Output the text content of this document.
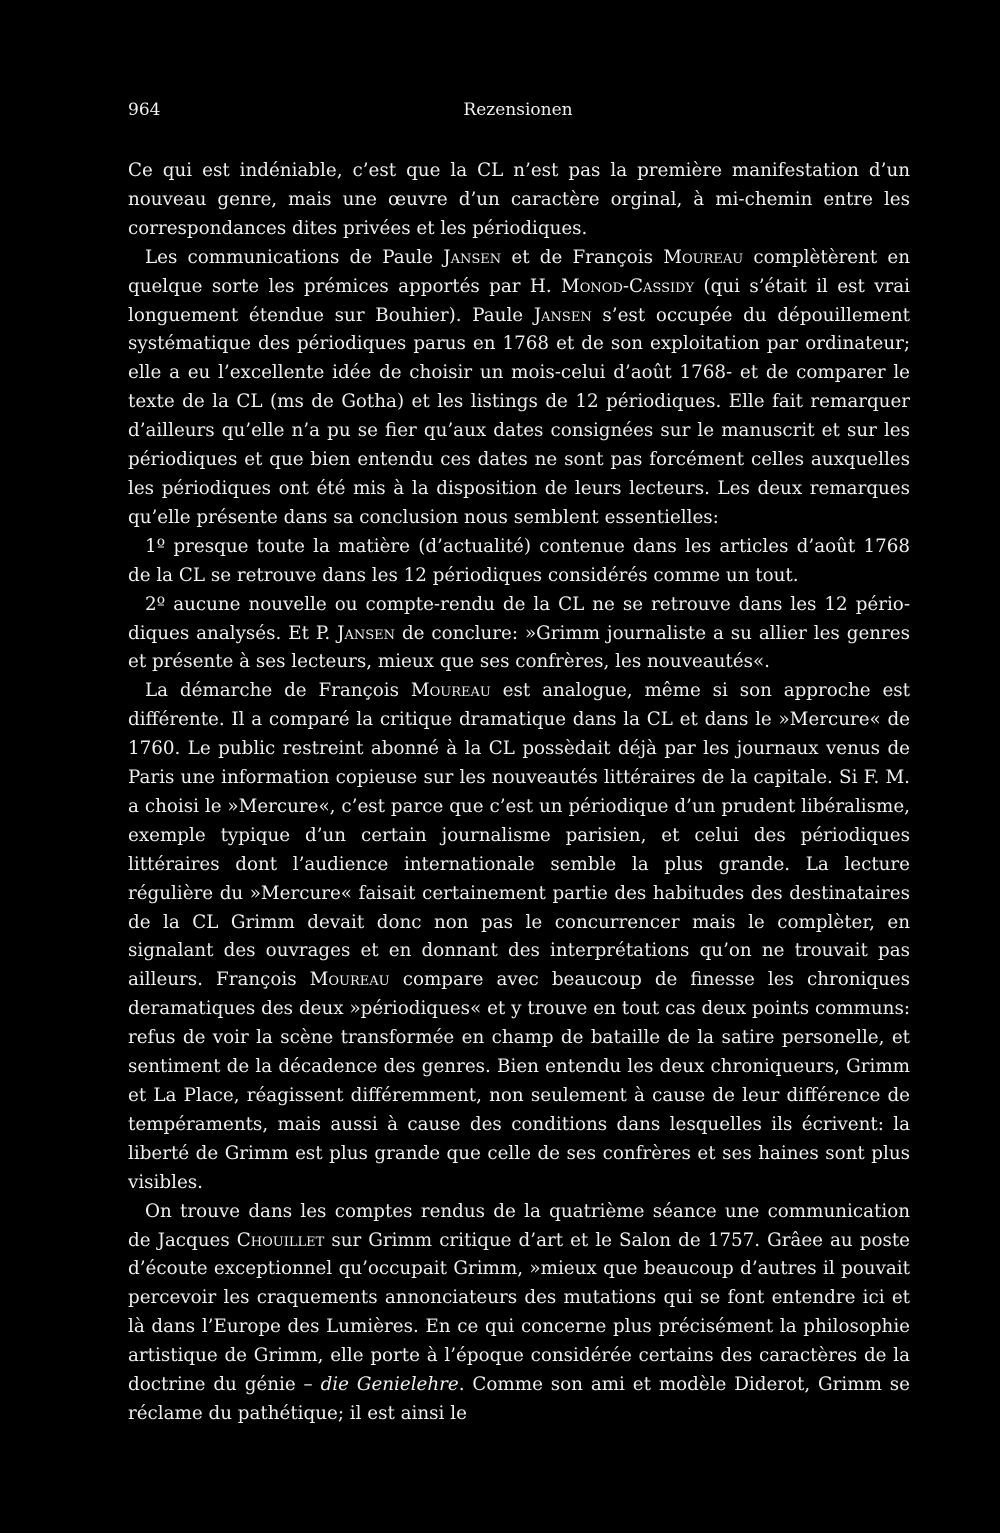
964	Rezensionen

Ce qui est indéniable, c’est que la CL n’est pas la première manifestation d’un nouveau genre, mais une œuvre d’un caractère orginal, à mi-chemin entre les correspondances dites privées et les périodiques.

Les communications de Paule Jansen et de François Moureau complètèrent en quelque sorte les prémices apportés par H. Monod-Cassidy (qui s’était il est vrai longuement étendue sur Bouhier). Paule Jansen s’est occupée du dépouillement systématique des périodiques parus en 1768 et de son exploitation par ordinateur; elle a eu l’excellente idée de choisir un mois-celui d’août 1768- et de comparer le texte de la CL (ms de Gotha) et les listings de 12 périodiques. Elle fait remarquer d’ailleurs qu’elle n’a pu se fier qu’aux dates consignées sur le manuscrit et sur les périodiques et que bien entendu ces dates ne sont pas forcément celles auxquelles les périodiques ont été mis à la disposition de leurs lecteurs. Les deux remarques qu’elle présente dans sa conclusion nous semblent essentielles:

1º presque toute la matière (d’actualité) contenue dans les articles d’août 1768 de la CL se retrouve dans les 12 périodiques considérés comme un tout.

2º aucune nouvelle ou compte-rendu de la CL ne se retrouve dans les 12 périodiques analysés. Et P. Jansen de conclure: »Grimm journaliste a su allier les genres et présente à ses lecteurs, mieux que ses confrères, les nouveautés«.

La démarche de François Moureau est analogue, même si son approche est différente. Il a comparé la critique dramatique dans la CL et dans le »Mercure« de 1760. Le public restreint abonné à la CL possèdait déjà par les journaux venus de Paris une information copieuse sur les nouveautés littéraires de la capitale. Si F. M. a choisi le »Mercure«, c’est parce que c’est un périodique d’un prudent libéralisme, exemple typique d’un certain journalisme parisien, et celui des périodiques littéraires dont l’audience internationale semble la plus grande. La lecture régulière du »Mercure« faisait certainement partie des habitudes des destinataires de la CL Grimm devait donc non pas le concurrencer mais le complèter, en signalant des ouvrages et en donnant des interprétations qu’on ne trouvait pas ailleurs. François Moureau compare avec beaucoup de finesse les chroniques deramatiques des deux »périodiques« et y trouve en tout cas deux points communs: refus de voir la scène transformée en champ de bataille de la satire personelle, et sentiment de la décadence des genres. Bien entendu les deux chroniqueurs, Grimm et La Place, réagissent différemment, non seulement à cause de leur différence de tempéraments, mais aussi à cause des conditions dans lesquelles ils écrivent: la liberté de Grimm est plus grande que celle de ses confrères et ses haines sont plus visibles.

On trouve dans les comptes rendus de la quatrième séance une communication de Jacques Chouillet sur Grimm critique d’art et le Salon de 1757. Grâee au poste d’écoute exceptionnel qu’occupait Grimm, »mieux que beaucoup d’autres il pouvait percevoir les craquements annonciateurs des mutations qui se font entendre ici et là dans l’Europe des Lumières. En ce qui concerne plus précisément la philosophie artistique de Grimm, elle porte à l’époque considérée certains des caractères de la doctrine du génie – die Genielehre. Comme son ami et modèle Diderot, Grimm se réclame du pathétique; il est ainsi le
